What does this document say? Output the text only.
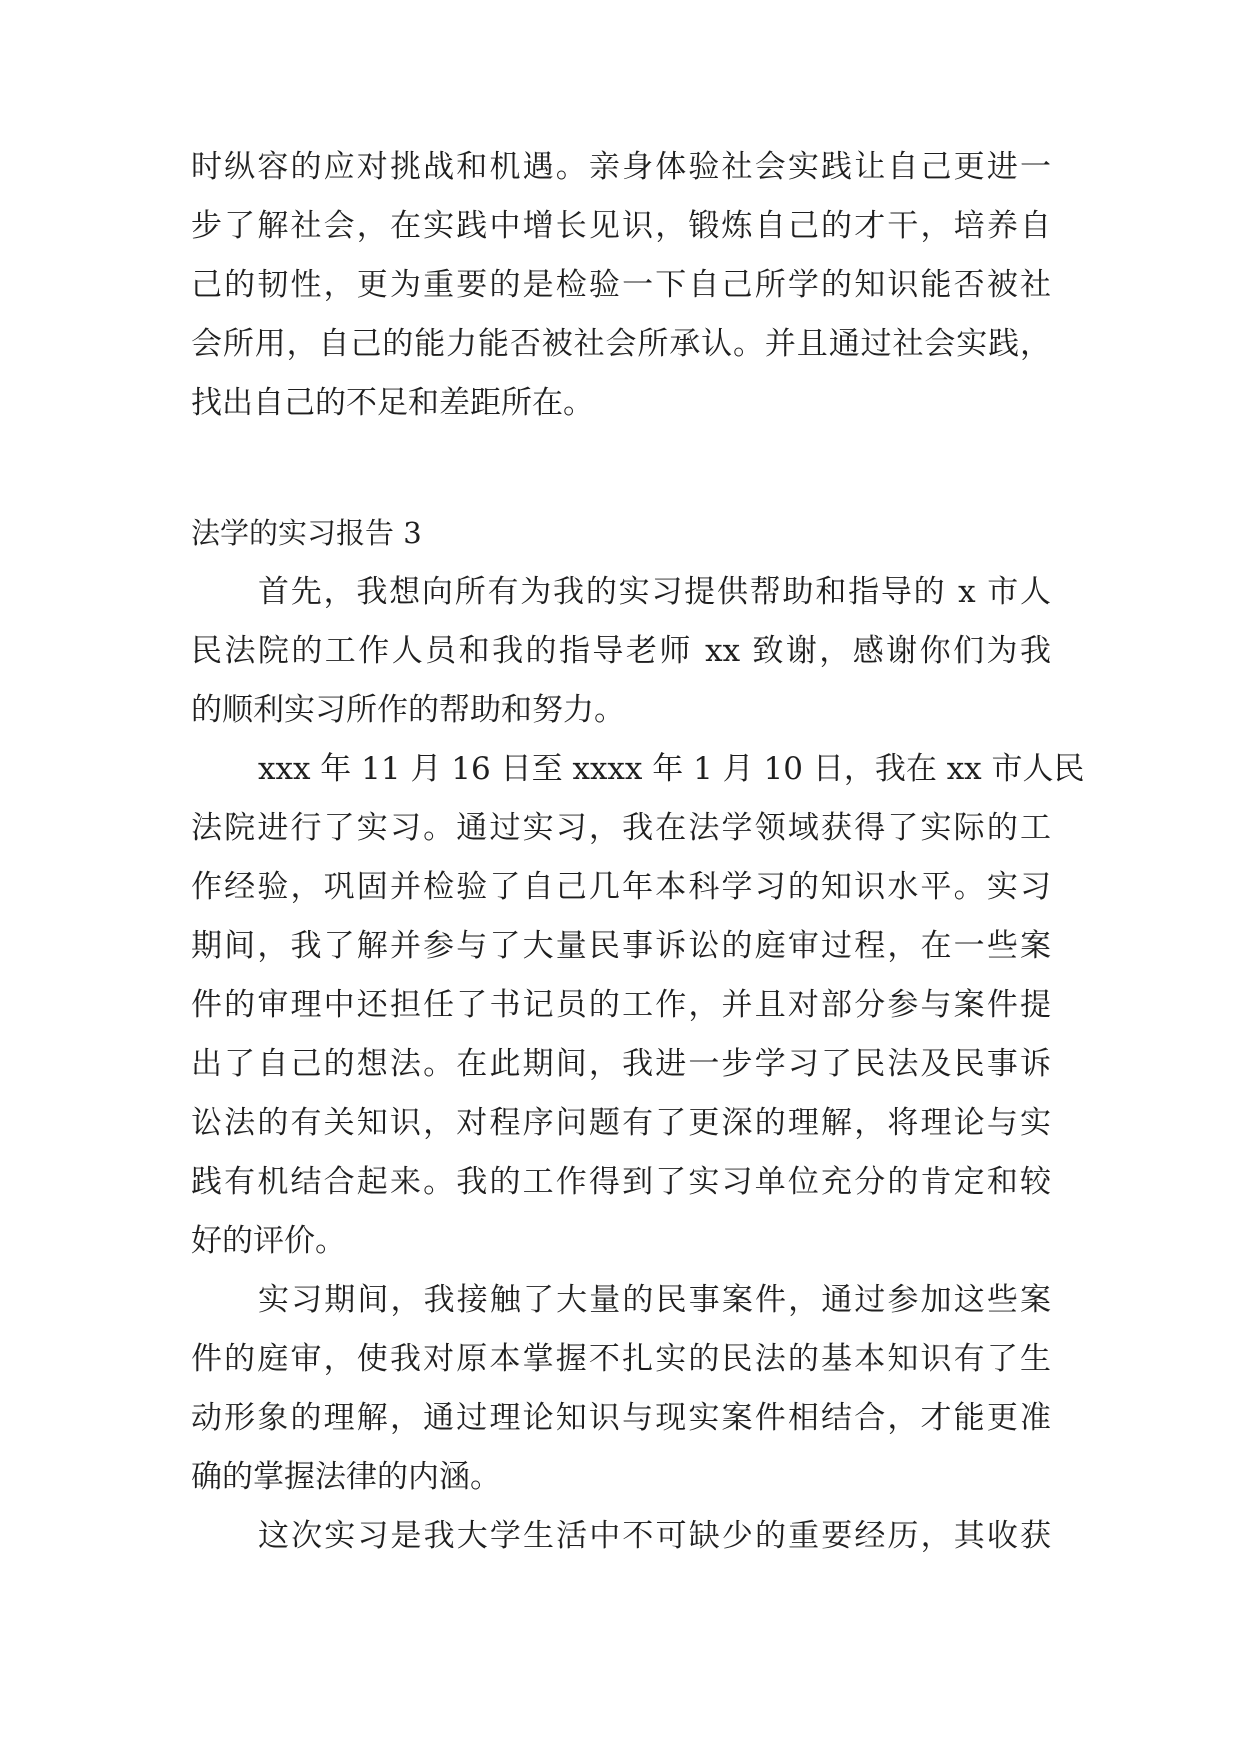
时纵容的应对挑战和机遇。亲身体验社会实践让自己更进一
步了解社会，在实践中增长见识，锻炼自己的才干，培养自
己的韧性，更为重要的是检验一下自己所学的知识能否被社
会所用，自己的能力能否被社会所承认。并且通过社会实践，
找出自己的不足和差距所在。
法学的实习报告 3
首先，我想向所有为我的实习提供帮助和指导的 x 市人
民法院的工作人员和我的指导老师 xx 致谢，感谢你们为我
的顺利实习所作的帮助和努力。
xxx 年 11 月 16 日至 xxxx 年 1 月 10 日，我在 xx 市人民
法院进行了实习。通过实习，我在法学领域获得了实际的工
作经验，巩固并检验了自己几年本科学习的知识水平。实习
期间，我了解并参与了大量民事诉讼的庭审过程，在一些案
件的审理中还担任了书记员的工作，并且对部分参与案件提
出了自己的想法。在此期间，我进一步学习了民法及民事诉
讼法的有关知识，对程序问题有了更深的理解，将理论与实
践有机结合起来。我的工作得到了实习单位充分的肯定和较
好的评价。
实习期间，我接触了大量的民事案件，通过参加这些案
件的庭审，使我对原本掌握不扎实的民法的基本知识有了生
动形象的理解，通过理论知识与现实案件相结合，才能更准
确的掌握法律的内涵。
这次实习是我大学生活中不可缺少的重要经历，其收获
